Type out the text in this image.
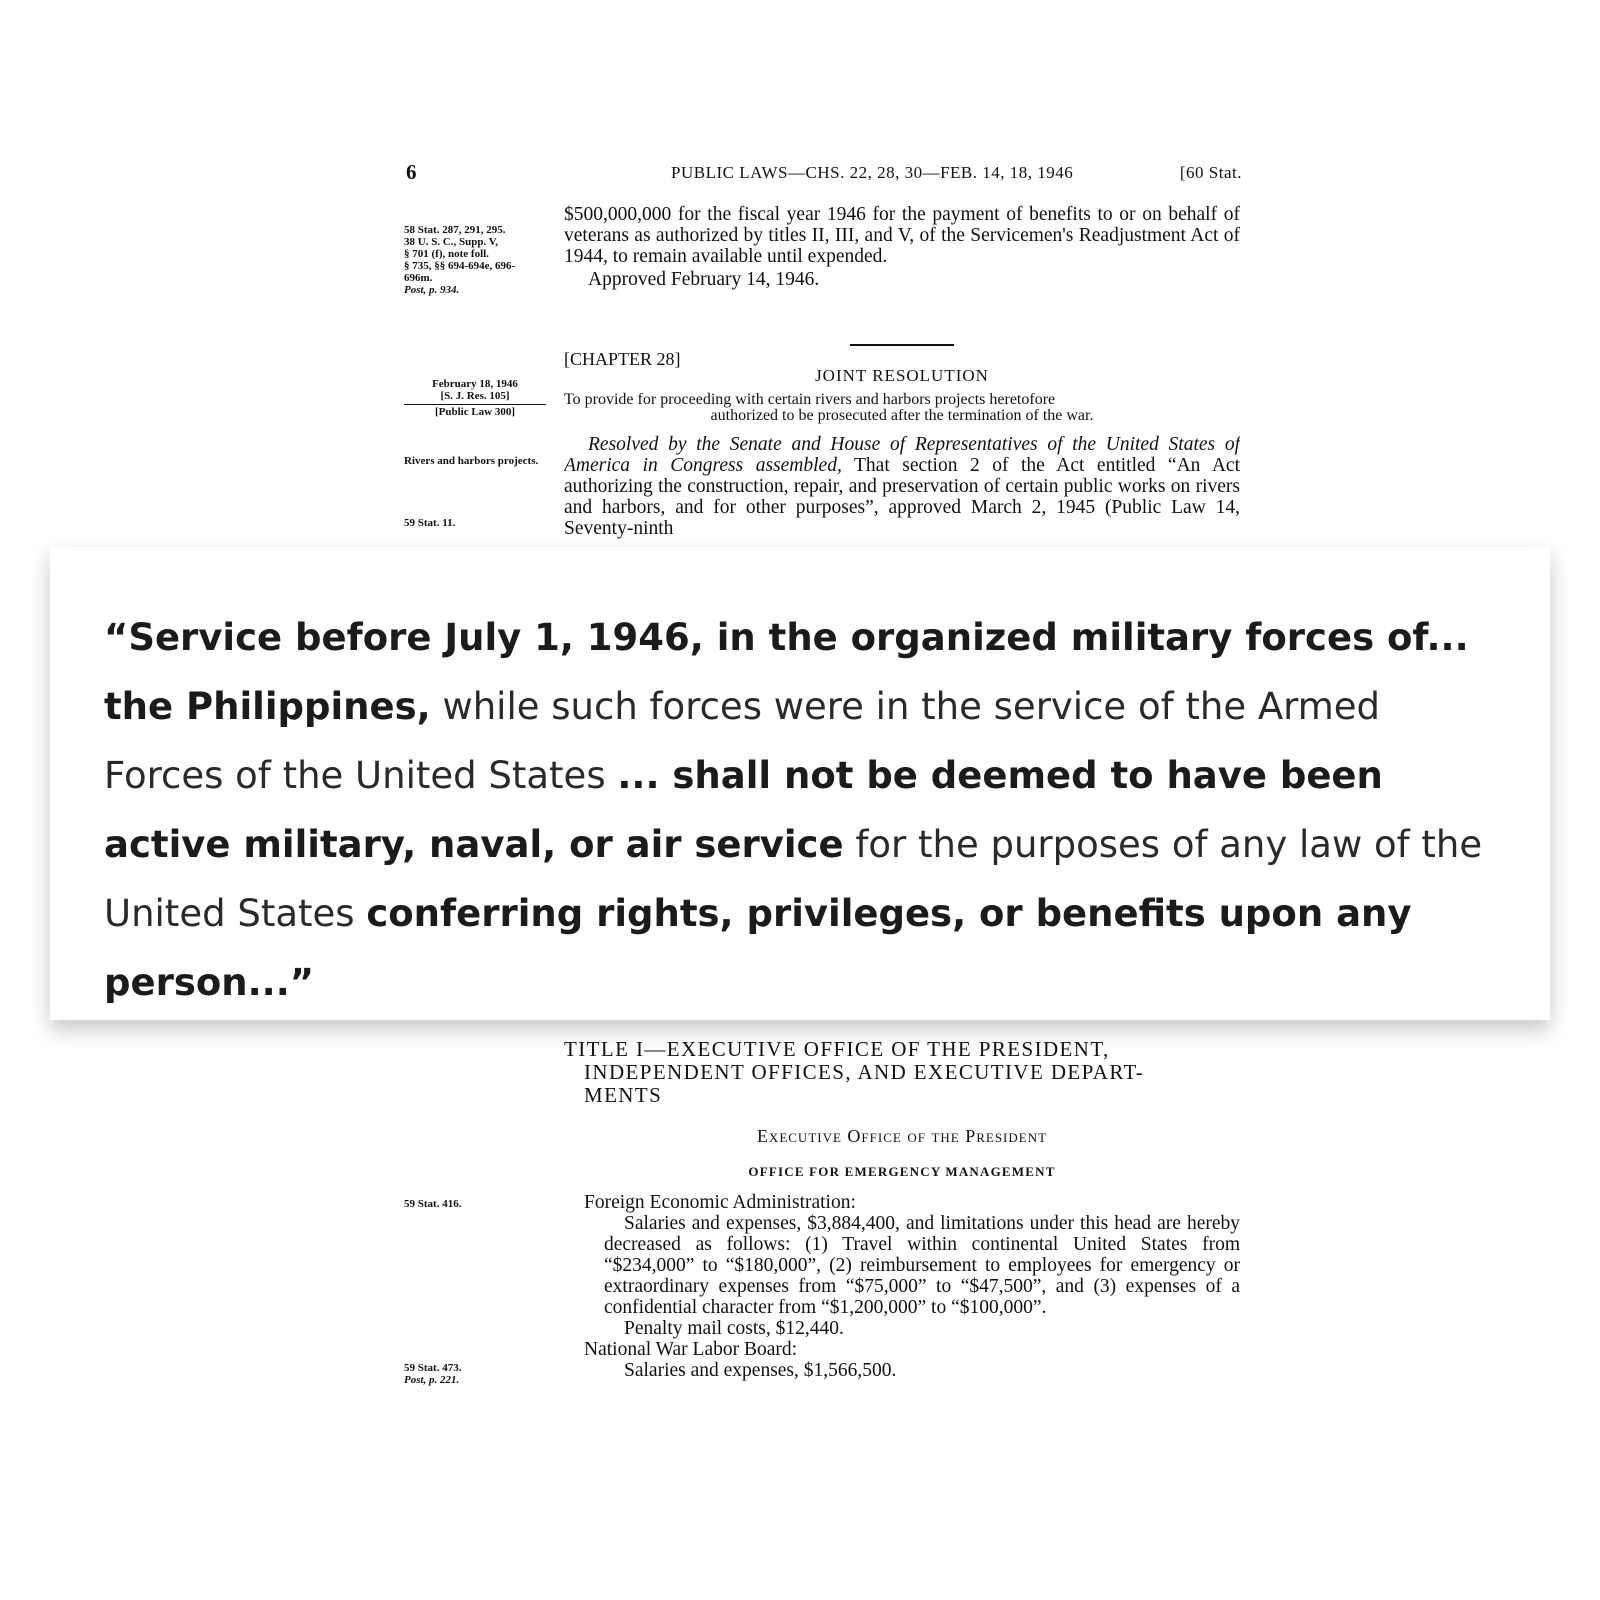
6	PUBLIC LAWS—CHS. 22, 28, 30—FEB. 14, 18, 1946	[60 Stat.
58 Stat. 287, 291, 295.
38 U. S. C., Supp. V,
§ 701 (f), note foll.
§ 735, §§ 694-694e, 696-
696m.
Post, p. 934.
$500,000,000 for the fiscal year 1946 for the payment of benefits to or on behalf of veterans as authorized by titles II, III, and V, of the Servicemen's Readjustment Act of 1944, to remain available until expended.
Approved February 14, 1946.
[CHAPTER 28]
JOINT RESOLUTION
February 18, 1946
[S. J. Res. 105]
[Public Law 300]
To provide for proceeding with certain rivers and harbors projects heretofore
authorized to be prosecuted after the termination of the war.
Rivers and harbors projects.
59 Stat. 11.
Resolved by the Senate and House of Representatives of the United States of America in Congress assembled, That section 2 of the Act entitled “An Act authorizing the construction, repair, and preservation of certain public works on rivers and harbors, and for other purposes”, approved March 2, 1945 (Public Law 14, Seventy-ninth
TITLE I—EXECUTIVE OFFICE OF THE PRESIDENT,
INDEPENDENT OFFICES, AND EXECUTIVE DEPART-
MENTS
Executive Office of the President
OFFICE FOR EMERGENCY MANAGEMENT
59 Stat. 416.	Foreign Economic Administration:
Salaries and expenses, $3,884,400, and limitations under this head are hereby decreased as follows: (1) Travel within continental United States from “$234,000” to “$180,000”, (2) reimbursement to employees for emergency or extraordinary expenses from “$75,000” to “$47,500”, and (3) expenses of a confidential character from “$1,200,000” to “$100,000”.
Penalty mail costs, $12,440.
National War Labor Board:
Salaries and expenses, $1,566,500.
59 Stat. 473.
Post, p. 221.
“Service before July 1, 1946, in the organized military forces of... the Philippines, while such forces were in the service of the Armed Forces of the United States ... shall not be deemed to have been active military, naval, or air service for the purposes of any law of the United States conferring rights, privileges, or benefits upon any person...”
